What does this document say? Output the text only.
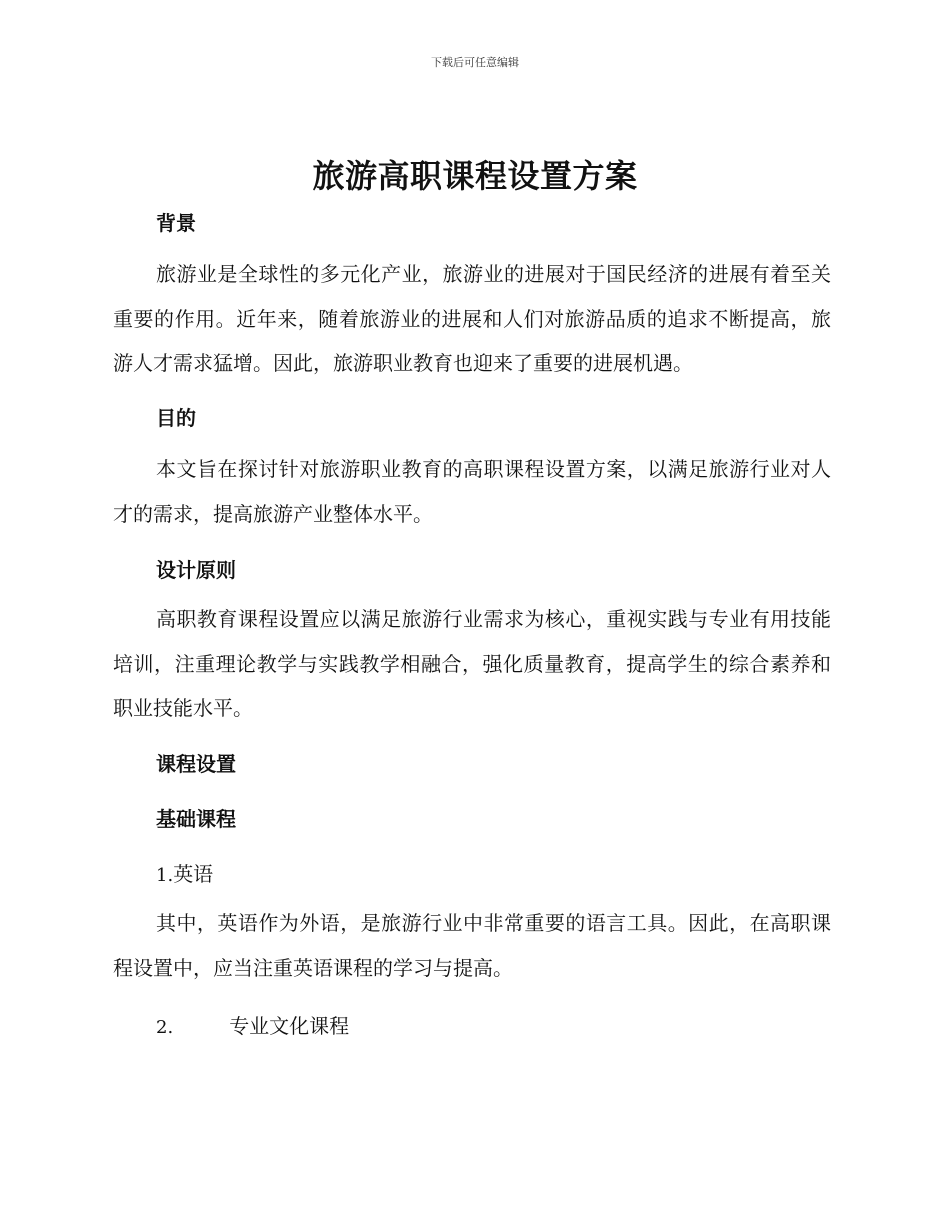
下载后可任意编辑
旅游高职课程设置方案
背景

旅游业是全球性的多元化产业，旅游业的进展对于国民经济的进展有着至关重要的作用。近年来，随着旅游业的进展和人们对旅游品质的追求不断提高，旅游人才需求猛增。因此，旅游职业教育也迎来了重要的进展机遇。

目的

本文旨在探讨针对旅游职业教育的高职课程设置方案，以满足旅游行业对人才的需求，提高旅游产业整体水平。

设计原则

高职教育课程设置应以满足旅游行业需求为核心，重视实践与专业有用技能培训，注重理论教学与实践教学相融合，强化质量教育，提高学生的综合素养和职业技能水平。

课程设置
基础课程

1.英语

其中，英语作为外语，是旅游行业中非常重要的语言工具。因此，在高职课程设置中，应当注重英语课程的学习与提高。

2.	专业文化课程
